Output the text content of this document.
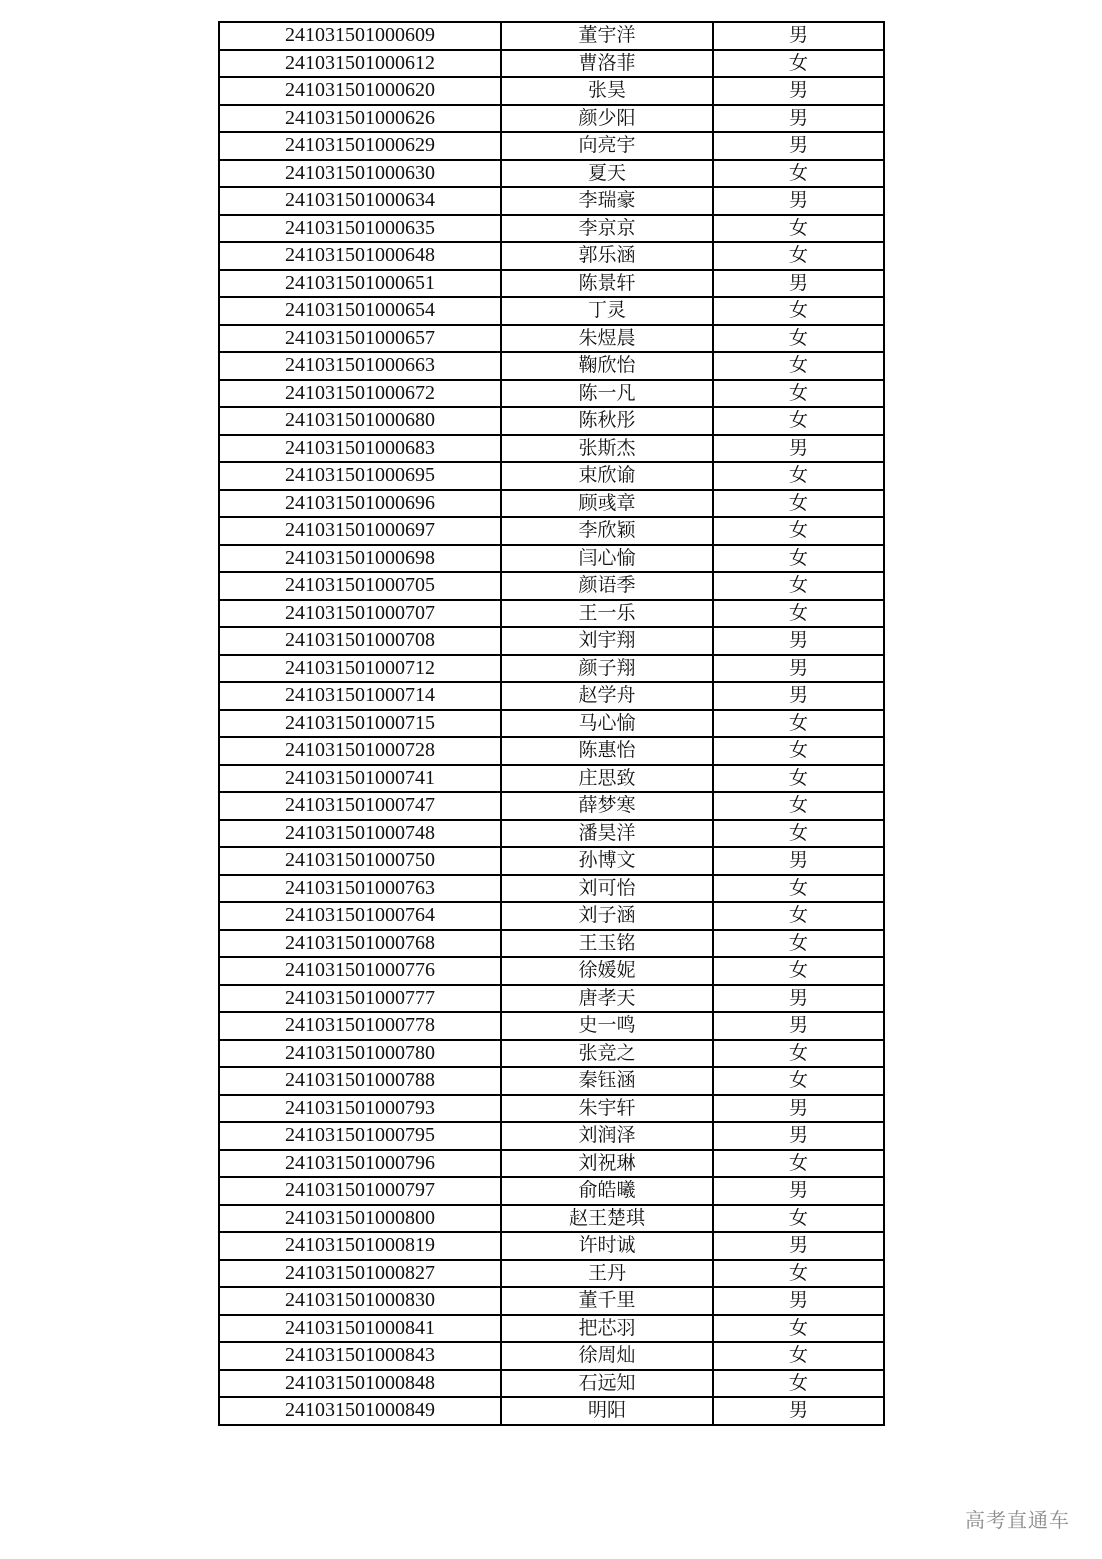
241031501000609	董宇洋	男
241031501000612	曹洛菲	女
241031501000620	张昊	男
241031501000626	颜少阳	男
241031501000629	向亮宇	男
241031501000630	夏天	女
241031501000634	李瑞豪	男
241031501000635	李京京	女
241031501000648	郭乐涵	女
241031501000651	陈景轩	男
241031501000654	丁灵	女
241031501000657	朱煜晨	女
241031501000663	鞠欣怡	女
241031501000672	陈一凡	女
241031501000680	陈秋彤	女
241031501000683	张斯杰	男
241031501000695	束欣谕	女
241031501000696	顾彧章	女
241031501000697	李欣颖	女
241031501000698	闫心愉	女
241031501000705	颜语季	女
241031501000707	王一乐	女
241031501000708	刘宇翔	男
241031501000712	颜子翔	男
241031501000714	赵学舟	男
241031501000715	马心愉	女
241031501000728	陈惠怡	女
241031501000741	庄思致	女
241031501000747	薛梦寒	女
241031501000748	潘昊洋	女
241031501000750	孙博文	男
241031501000763	刘可怡	女
241031501000764	刘子涵	女
241031501000768	王玉铭	女
241031501000776	徐媛妮	女
241031501000777	唐孝天	男
241031501000778	史一鸣	男
241031501000780	张竞之	女
241031501000788	秦钰涵	女
241031501000793	朱宇轩	男
241031501000795	刘润泽	男
241031501000796	刘祝琳	女
241031501000797	俞皓曦	男
241031501000800	赵王楚琪	女
241031501000819	许时诚	男
241031501000827	王丹	女
241031501000830	董千里	男
241031501000841	把芯羽	女
241031501000843	徐周灿	女
241031501000848	石远知	女
241031501000849	明阳	男
高考直通车
